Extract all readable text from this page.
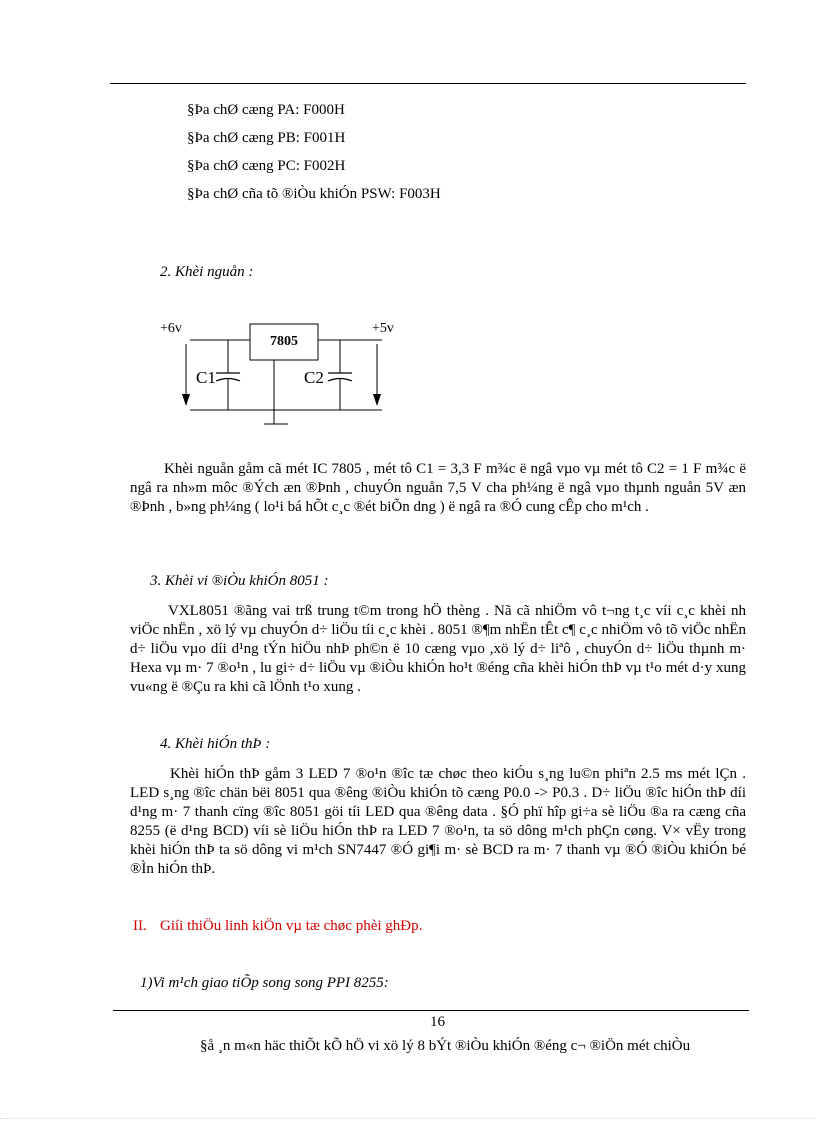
§Þa chØ cæng PA: F000H
§Þa chØ cæng PB: F001H
§Þa chØ cæng PC: F002H
§Þa chØ cña tõ ®iÒu khiÓn PSW: F003H
2. Khèi nguån :
7805
C1	C2
+6v	+5v
Khèi nguån gåm cã mét IC 7805 , mét tô C1 = 3,3 F m¾c ë ngâ vµo vµ mét tô C2 = 1 F m¾c ë ngâ ra nh»m môc ®Ých æn ®Þnh , chuyÓn nguån 7,5 V cha ph¼ng ë ngâ vµo thµnh nguån 5V æn ®Þnh , b»ng ph¼ng ( lo¹i bá hÕt c¸c ®ét biÕn dng ) ë ngâ ra ®Ó cung cÊp cho m¹ch .
3. Khèi vi ®iÒu khiÓn 8051 :
VXL8051 ®ãng vai trß trung t©m trong hÖ thèng . Nã cã nhiÖm vô t¬ng t¸c víi c¸c khèi nh viÖc nhËn , xö lý vµ chuyÓn d÷ liÖu tíi c¸c khèi . 8051 ®¶m nhËn tÊt c¶ c¸c nhiÖm vô tõ viÖc nhËn d÷ liÖu vµo díi d¹ng tÝn hiÖu nhÞ ph©n ë 10 cæng vµo ,xö lý d÷ liªô , chuyÓn d÷ liÖu thµnh m· Hexa vµ m· 7 ®o¹n , lu gi÷ d÷ liÖu vµ ®iÒu khiÓn ho¹t ®éng cña khèi hiÓn thÞ vµ t¹o mét d·y xung vu«ng ë ®Çu ra khi cã lÖnh t¹o xung .
4. Khèi hiÓn thÞ :
Khèi hiÓn thÞ gåm 3 LED 7 ®o¹n ®îc tæ chøc theo kiÓu s¸ng lu©n phiªn 2.5 ms mét lÇn . LED s¸ng ®îc chän bëi 8051 qua ®êng ®iÒu khiÓn tõ cæng P0.0 -> P0.3 . D÷ liÖu ®îc hiÓn thÞ díi d¹ng m· 7 thanh cïng ®îc 8051 göi tíi LED qua ®êng data . §Ó phï hîp gi÷a sè liÖu ®a ra cæng cña 8255 (ë d¹ng BCD) víi sè liÖu hiÓn thÞ ra LED 7 ®o¹n, ta sö dông m¹ch phÇn cøng. V× vËy trong khèi hiÓn thÞ ta sö dông vi m¹ch SN7447 ®Ó gi¶i m· sè BCD ra m· 7 thanh vµ ®Ó ®iÒu khiÓn bé ®Ìn hiÓn thÞ.
II. Giíi thiÖu linh kiÖn vµ tæ chøc phèi ghÐp.
1)Vi m¹ch giao tiÕp song song PPI 8255:
16
§å ¸n m«n häc thiÕt kÕ hÖ vi xö lý 8 bÝt ®iÒu khiÓn ®éng c¬ ®iÖn mét chiÒu
